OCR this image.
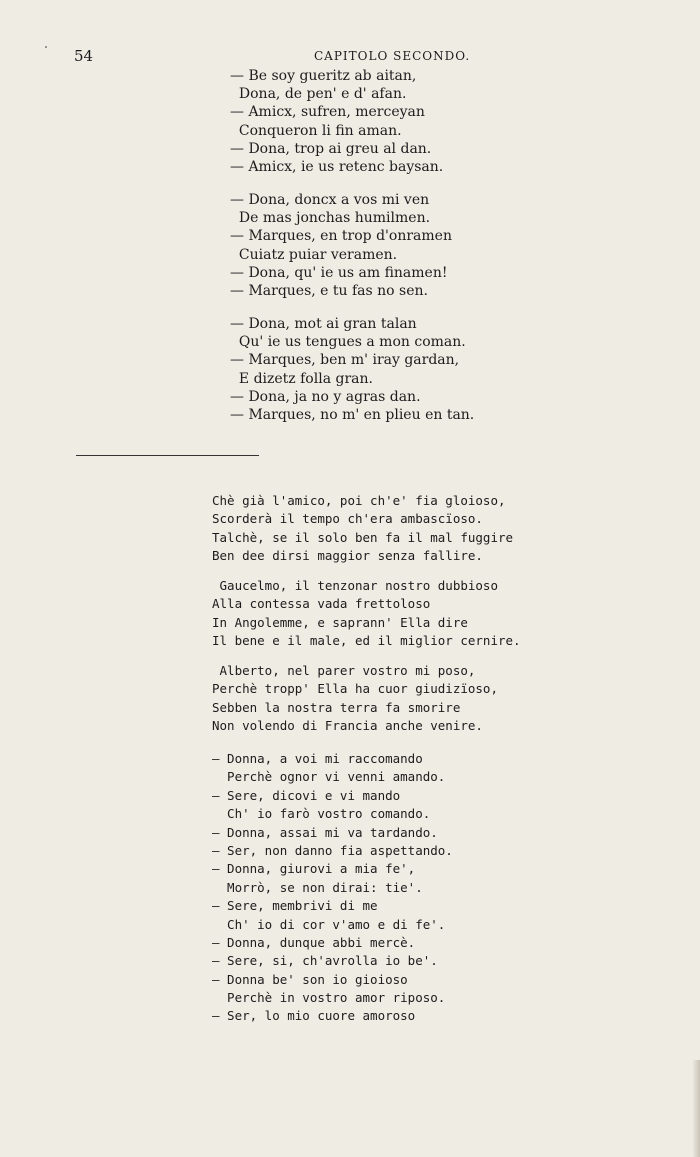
54	CAPITOLO SECONDO.
— Be soy gueritz ab aitan,
Dona, de pen' e d' afan.
— Amicx, sufren, merceyan
Conqueron li fin aman.
— Dona, trop ai greu al dan.
— Amicx, ie us retenc baysan.
— Dona, doncx a vos mi ven
De mas jonchas humilmen.
— Marques, en trop d'onramen
Cuiatz puiar veramen.
— Dona, qu' ie us am finamen!
— Marques, e tu fas no sen.
— Dona, mot ai gran talan
Qu' ie us tengues a mon coman.
— Marques, ben m' iray gardan,
E dizetz folla gran.
— Dona, ja no y agras dan.
— Marques, no m' en plieu en tan.
Chè già l'amico, poi ch'e' fia gloioso,
Scorderà il tempo ch'era ambascïoso.
Talchè, se il solo ben fa il mal fuggire
Ben dee dirsi maggior senza fallire.
Gaucelmo, il tenzonar nostro dubbioso
Alla contessa vada frettoloso
In Angolemme, e saprann' Ella dire
Il bene e il male, ed il miglior cernire.
Alberto, nel parer vostro mi poso,
Perchè tropp' Ella ha cuor giudizïoso,
Sebben la nostra terra fa smorire
Non volendo di Francia anche venire.
— Donna, a voi mi raccomando
Perchè ognor vi venni amando.
— Sere, dicovi e vi mando
Ch' io farò vostro comando.
— Donna, assai mi va tardando.
— Ser, non danno fia aspettando.
— Donna, giurovi a mia fe',
Morrò, se non dirai: tie'.
— Sere, membrivi di me
Ch' io di cor v'amo e di fe'.
— Donna, dunque abbi mercè.
— Sere, si, ch'avrolla io be'.
— Donna be' son io gioioso
Perchè in vostro amor riposo.
— Ser, lo mio cuore amoroso
